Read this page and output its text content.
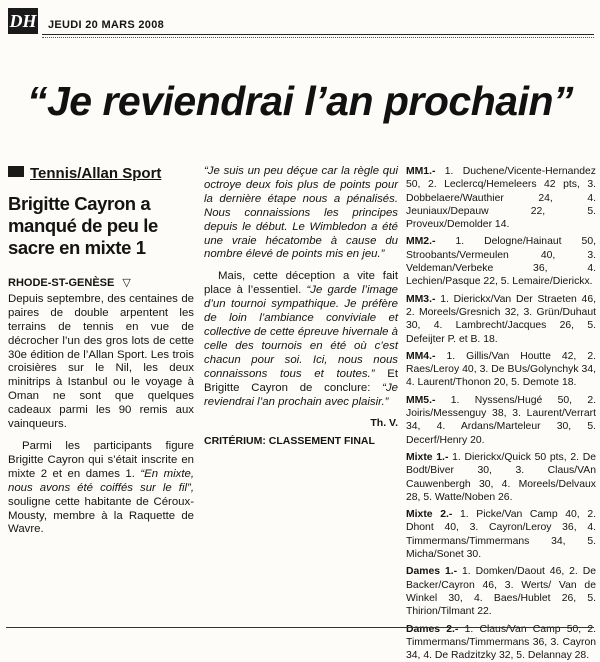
DH JEUDI 20 MARS 2008
“Je reviendrai l’an prochain”
Tennis/Allan Sport
Brigitte Cayron a manqué de peu le sacre en mixte 1
RHODE-ST-GENÈSE ▽

Depuis septembre, des centaines de paires de double arpentent les terrains de tennis en vue de décrocher l’un des gros lots de cette 30e édition de l’Allan Sport. Les trois croisières sur le Nil, les deux minitrips à Istanbul ou le voyage à Oman ne sont que quelques cadeaux parmi les 90 remis aux vainqueurs.

Parmi les participants figure Brigitte Cayron qui s’était inscrite en mixte 2 et en dames 1. “En mixte, nous avons été coiffés sur le fil”, souligne cette habitante de Céroux-Mousty, membre à la Raquette de Wavre.

“Je suis un peu déçue car la règle qui octroye deux fois plus de points pour la dernière étape nous a pénalisés. Nous connaissions les principes depuis le début. Le Wimbledon a été une vraie hécatombe à cause du nombre élevé de points mis en jeu.”

Mais, cette déception a vite fait place à l’essentiel. “Je garde l’image d’un tournoi sympathique. Je préfère de loin l’ambiance conviviale et collective de cette épreuve hivernale à celle des tournois en été où c’est chacun pour soi. Ici, nous nous connaissons tous et toutes.” Et Brigitte Cayron de conclure: “Je reviendrai l’an prochain avec plaisir.”

Th. V.
CRITÉRIUM: CLASSEMENT FINAL
MM1.- 1. Duchene/Vicente-Hernandez 50, 2. Leclercq/Hemeleers 42 pts, 3. Dobbelaere/Wauthier 24, 4. Jeuniaux/Depauw 22, 5. Proveux/Demolder 14.
MM2.- 1. Delogne/Hainaut 50, Stroobants/Vermeulen 40, 3. Veldeman/Verbeke 36, 4. Lechien/Pasque 22, 5. Lemaire/Dierickx.
MM3.- 1. Dierickx/Van Der Straeten 46, 2. Moreels/Gresnich 32, 3. Grün/Duhaut 30, 4. Lambrecht/Jacques 26, 5. Defeijter P. et B. 18.
MM4.- 1. Gillis/Van Houtte 42, 2. Raes/Leroy 40, 3. De BUs/Golynchyk 34, 4. Laurent/Thonon 20, 5. Demote 18.
MM5.- 1. Nyssens/Hugé 50, 2. Joiris/Messenguy 38, 3. Laurent/Verrart 34, 4. Ardans/Marteleur 30, 5. Decerf/Henry 20.
Mixte 1.- 1. Dierickx/Quick 50 pts, 2. De Bodt/Biver 30, 3. Claus/VAn Cauwenbergh 30, 4. Moreels/Delvaux 28, 5. Watte/Noben 26.
Mixte 2.- 1. Picke/Van Camp 40, 2. Dhont 40, 3. Cayron/Leroy 36, 4. Timmermans/Timmermans 34, 5. Micha/Sonet 30.
Dames 1.- 1. Domken/Daout 46, 2. De Backer/Cayron 46, 3. Werts/ Van de Winkel 30, 4. Baes/Hublet 26, 5. Thirion/Tilmant 22.
Dames 2.- 1. Claus/Van Camp 50, 2. Timmermans/Timmermans 36, 3. Cayron 34, 4. De Radzitzky 32, 5. Delannay 28.
